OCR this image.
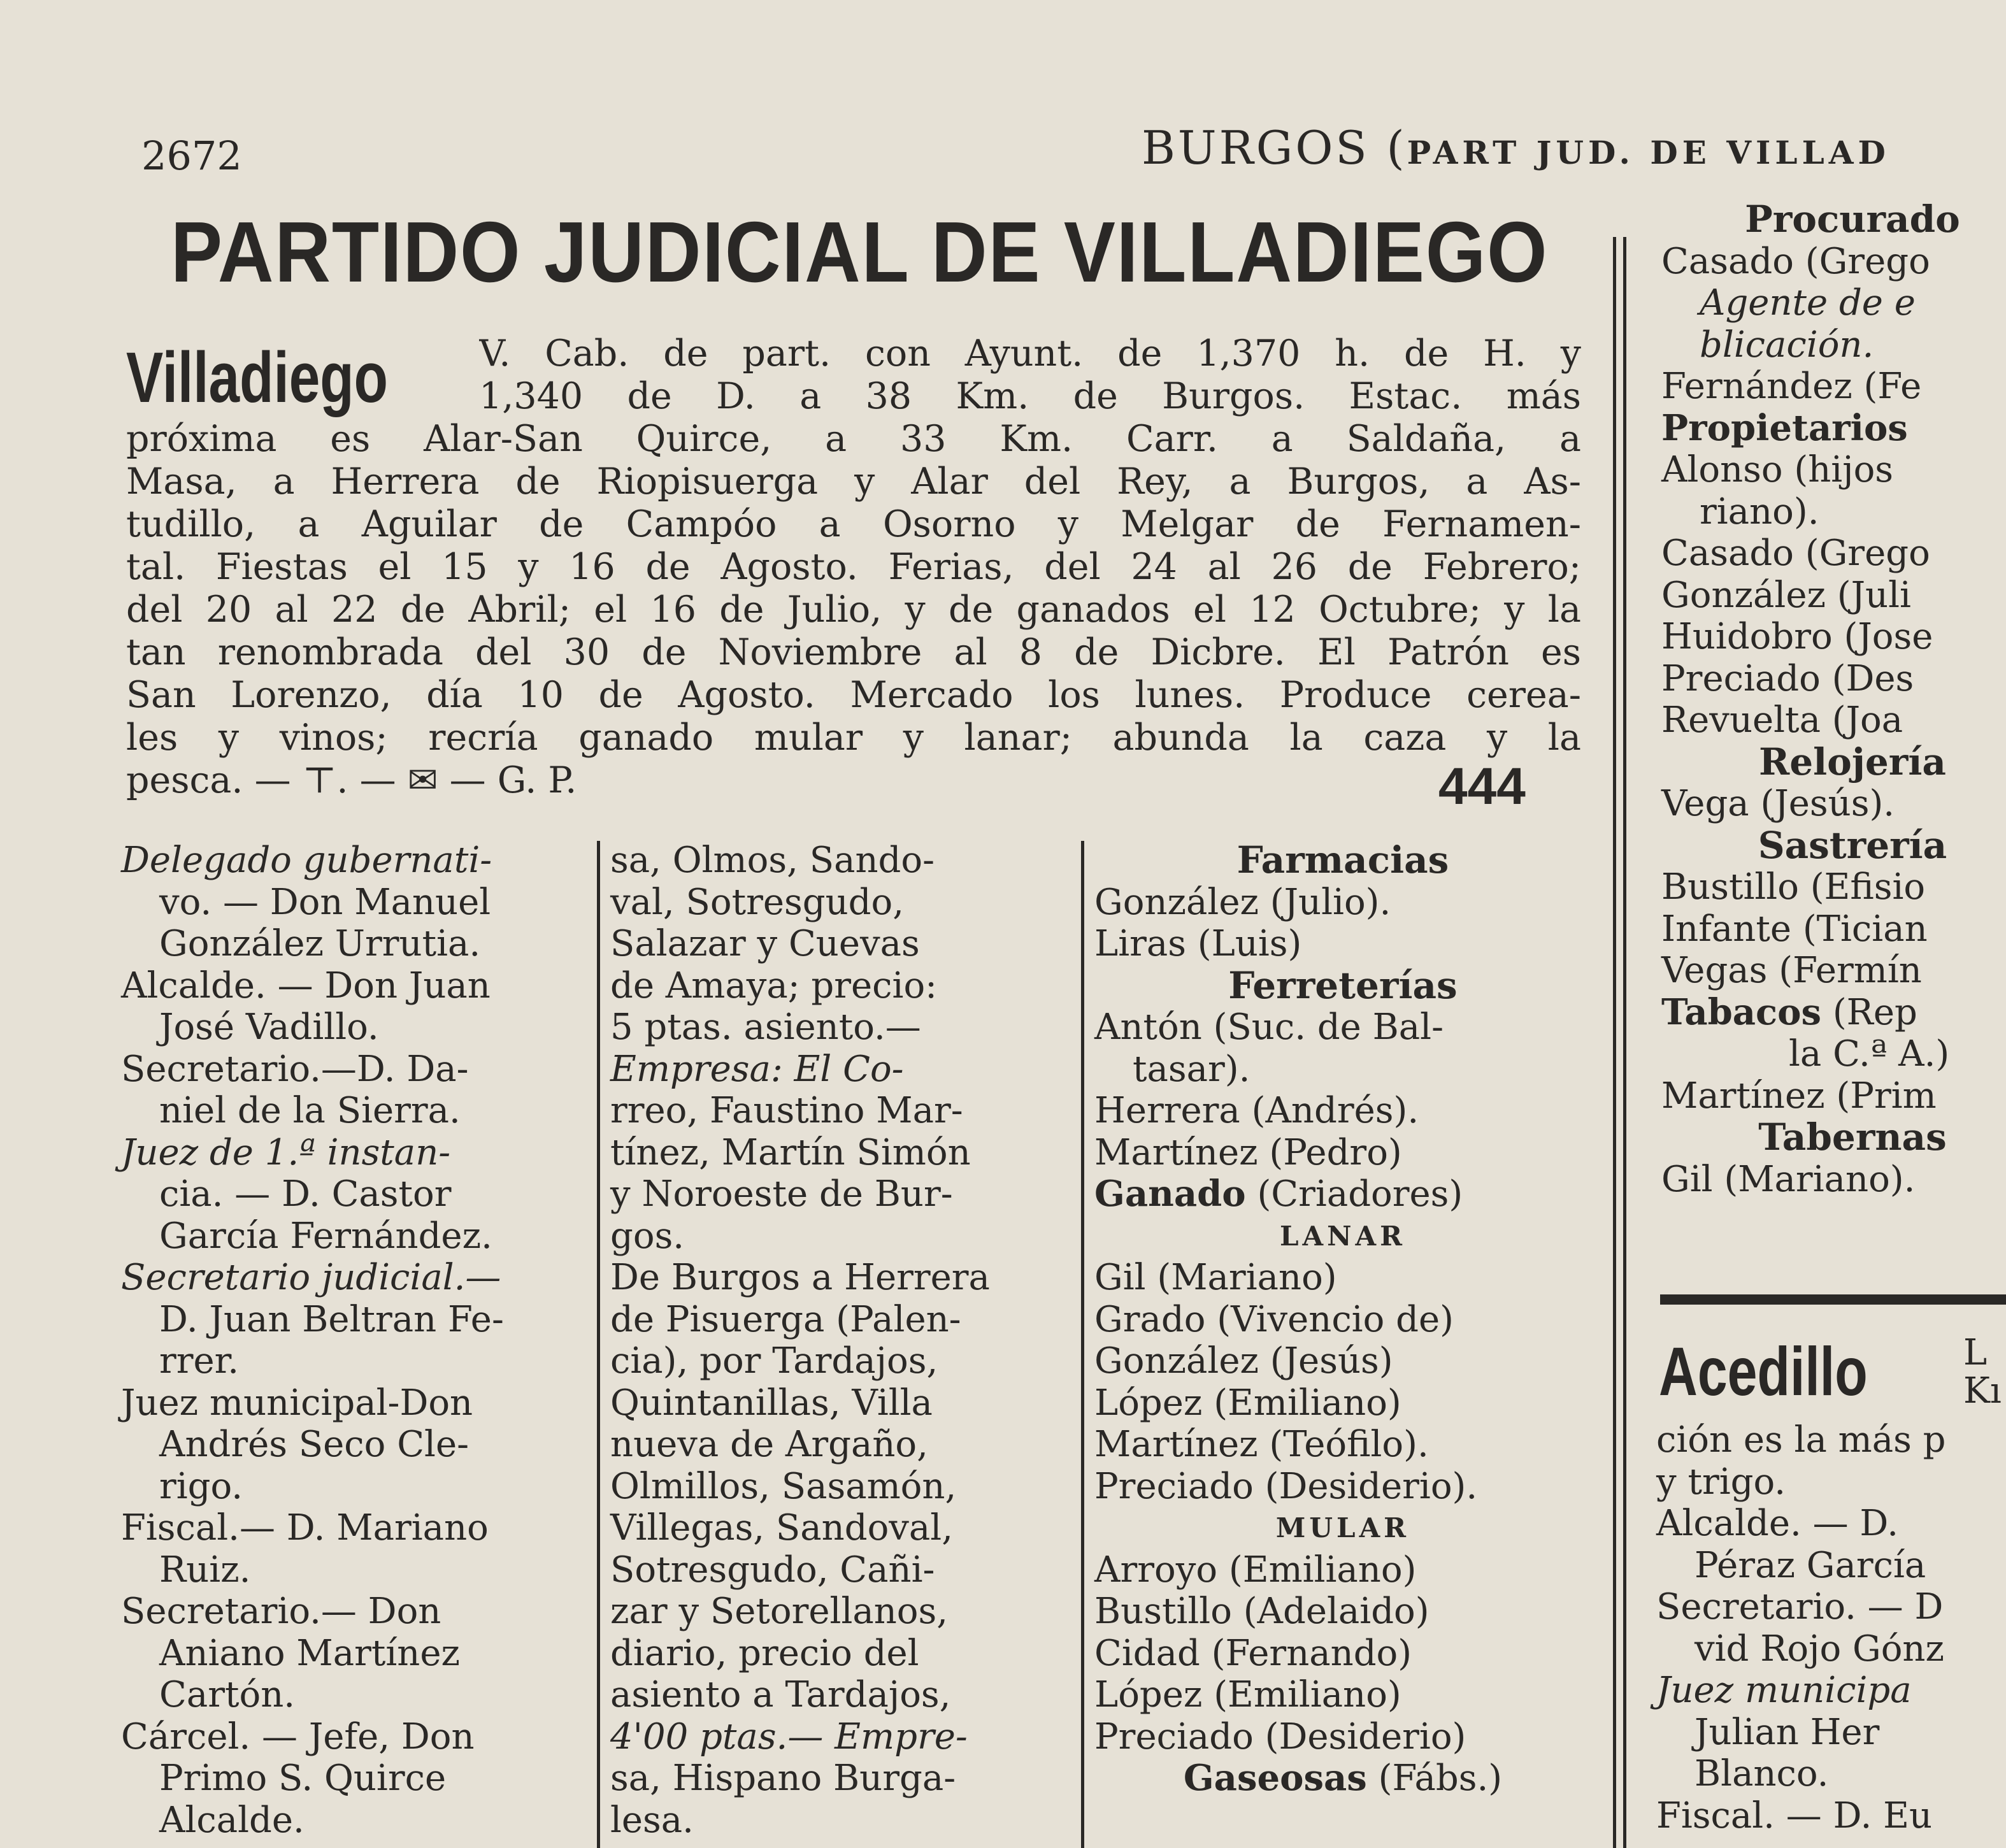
2672	BURGOS (PART JUD. DE VILLAD
PARTIDO JUDICIAL DE VILLADIEGO
Villadiego	V. Cab. de part. con Ayunt. de 1,370 h. de H. y
1,340 de D. a 38 Km. de Burgos. Estac. más
próxima es Alar-San Quirce, a 33 Km. Carr. a Saldaña, a
Masa, a Herrera de Riopisuerga y Alar del Rey, a Burgos, a As-
tudillo, a Aguilar de Campóo a Osorno y Melgar de Fernamen-
tal. Fiestas el 15 y 16 de Agosto. Ferias, del 24 al 26 de Febrero;
del 20 al 22 de Abril; el 16 de Julio, y de ganados el 12 Octubre; y la
tan renombrada del 30 de Noviembre al 8 de Dicbre. El Patrón es
San Lorenzo, día 10 de Agosto. Mercado los lunes. Produce cerea-
les y vinos; recría ganado mular y lanar; abunda la caza y la
pesca. — ⊤. — ✉ — G. P.	444
Delegado gubernati-
vo. — Don Manuel
González Urrutia.
Alcalde. — Don Juan
José Vadillo.
Secretario.—D. Da-
niel de la Sierra.
Juez de 1.ª instan-
cia. — D. Castor
García Fernández.
Secretario judicial.—
D. Juan Beltran Fe-
rrer.
Juez municipal-Don
Andrés Seco Cle-
rigo.
Fiscal.— D. Mariano
Ruiz.
Secretario.— Don
Aniano Martínez
Cartón.
Cárcel. — Jefe, Don
Primo S. Quirce
Alcalde.
sa, Olmos, Sando-
val, Sotresgudo,
Salazar y Cuevas
de Amaya; precio:
5 ptas. asiento.—
Empresa: El Co-
rreo, Faustino Mar-
tínez, Martín Simón
y Noroeste de Bur-
gos.
De Burgos a Herrera
de Pisuerga (Palen-
cia), por Tardajos,
Quintanillas, Villa
nueva de Argaño,
Olmillos, Sasamón,
Villegas, Sandoval,
Sotresgudo, Cañi-
zar y Setorellanos,
diario, precio del
asiento a Tardajos,
4'00 ptas.— Empre-
sa, Hispano Burga-
lesa.
Farmacias
González (Julio).
Liras (Luis)
Ferreterías
Antón (Suc. de Bal-
tasar).
Herrera (Andrés).
Martínez (Pedro)
Ganado (Criadores)
LANAR
Gil (Mariano)
Grado (Vivencio de)
González (Jesús)
López (Emiliano)
Martínez (Teófilo).
Preciado (Desiderio).
MULAR
Arroyo (Emiliano)
Bustillo (Adelaido)
Cidad (Fernando)
López (Emiliano)
Preciado (Desiderio)
Gaseosas (Fábs.)
Procurado
Casado (Grego
Agente de e
blicación.
Fernández (Fe
Propietarios
Alonso (hijos
riano).
Casado (Grego
González (Juli
Huidobro (Jose
Preciado (Des
Revuelta (Joa
Relojería
Vega (Jesús).
Sastrería
Bustillo (Efisio
Infante (Tician
Vegas (Fermín
Tabacos (Rep
la C.ª A.)
Martínez (Prim
Tabernas
Gil (Mariano).
Acedillo	L
Kı
ción es la más p
y trigo.
Alcalde. — D.
Péraz García
Secretario. — D
vid Rojo Gónz
Juez municipa
Julian Her
Blanco.
Fiscal. — D. Eu
